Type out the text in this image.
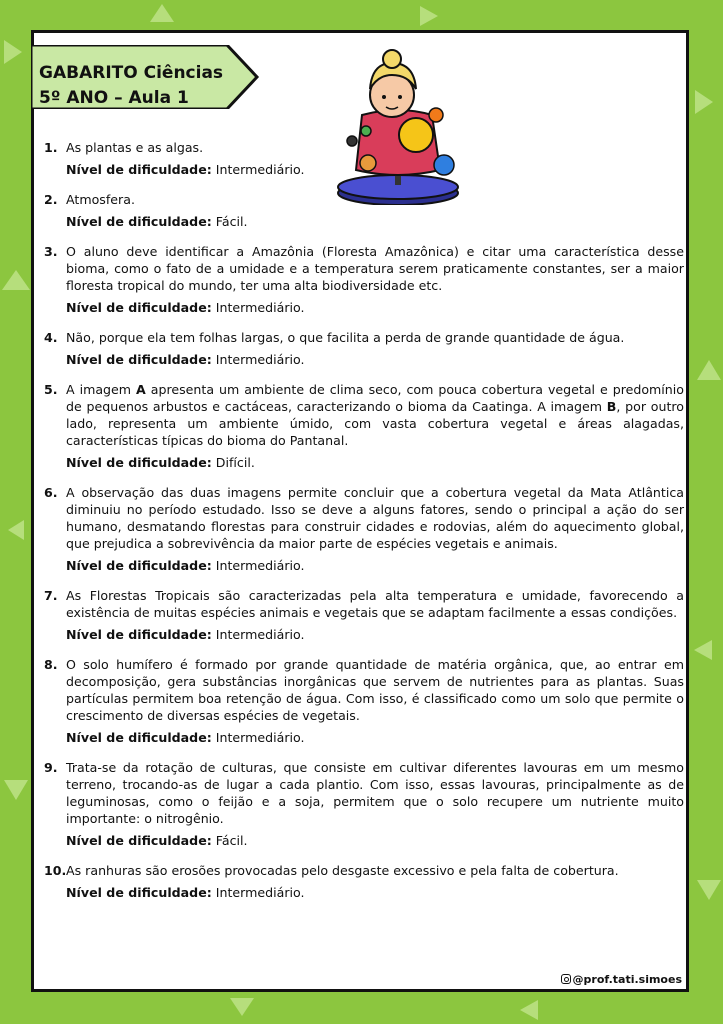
GABARITO Ciências
5º ANO – Aula 1
1. As plantas e as algas.
Nível de dificuldade: Intermediário.
2. Atmosfera.
Nível de dificuldade: Fácil.
3. O aluno deve identificar a Amazônia (Floresta Amazônica) e citar uma característica desse bioma, como o fato de a umidade e a temperatura serem praticamente constantes, ser a maior floresta tropical do mundo, ter uma alta biodiversidade etc.
Nível de dificuldade: Intermediário.
4. Não, porque ela tem folhas largas, o que facilita a perda de grande quantidade de água.
Nível de dificuldade: Intermediário.
5. A imagem A apresenta um ambiente de clima seco, com pouca cobertura vegetal e predomínio de pequenos arbustos e cactáceas, caracterizando o bioma da Caatinga. A imagem B, por outro lado, representa um ambiente úmido, com vasta cobertura vegetal e áreas alagadas, características típicas do bioma do Pantanal.
Nível de dificuldade: Difícil.
6. A observação das duas imagens permite concluir que a cobertura vegetal da Mata Atlântica diminuiu no período estudado. Isso se deve a alguns fatores, sendo o principal a ação do ser humano, desmatando florestas para construir cidades e rodovias, além do aquecimento global, que prejudica a sobrevivência da maior parte de espécies vegetais e animais.
Nível de dificuldade: Intermediário.
7. As Florestas Tropicais são caracterizadas pela alta temperatura e umidade, favorecendo a existência de muitas espécies animais e vegetais que se adaptam facilmente a essas condições.
Nível de dificuldade: Intermediário.
8. O solo humífero é formado por grande quantidade de matéria orgânica, que, ao entrar em decomposição, gera substâncias inorgânicas que servem de nutrientes para as plantas. Suas partículas permitem boa retenção de água. Com isso, é classificado como um solo que permite o crescimento de diversas espécies de vegetais.
Nível de dificuldade: Intermediário.
9. Trata-se da rotação de culturas, que consiste em cultivar diferentes lavouras em um mesmo terreno, trocando-as de lugar a cada plantio. Com isso, essas lavouras, principalmente as de leguminosas, como o feijão e a soja, permitem que o solo recupere um nutriente muito importante: o nitrogênio.
Nível de dificuldade: Fácil.
10. As ranhuras são erosões provocadas pelo desgaste excessivo e pela falta de cobertura.
Nível de dificuldade: Intermediário.
@prof.tati.simoes
